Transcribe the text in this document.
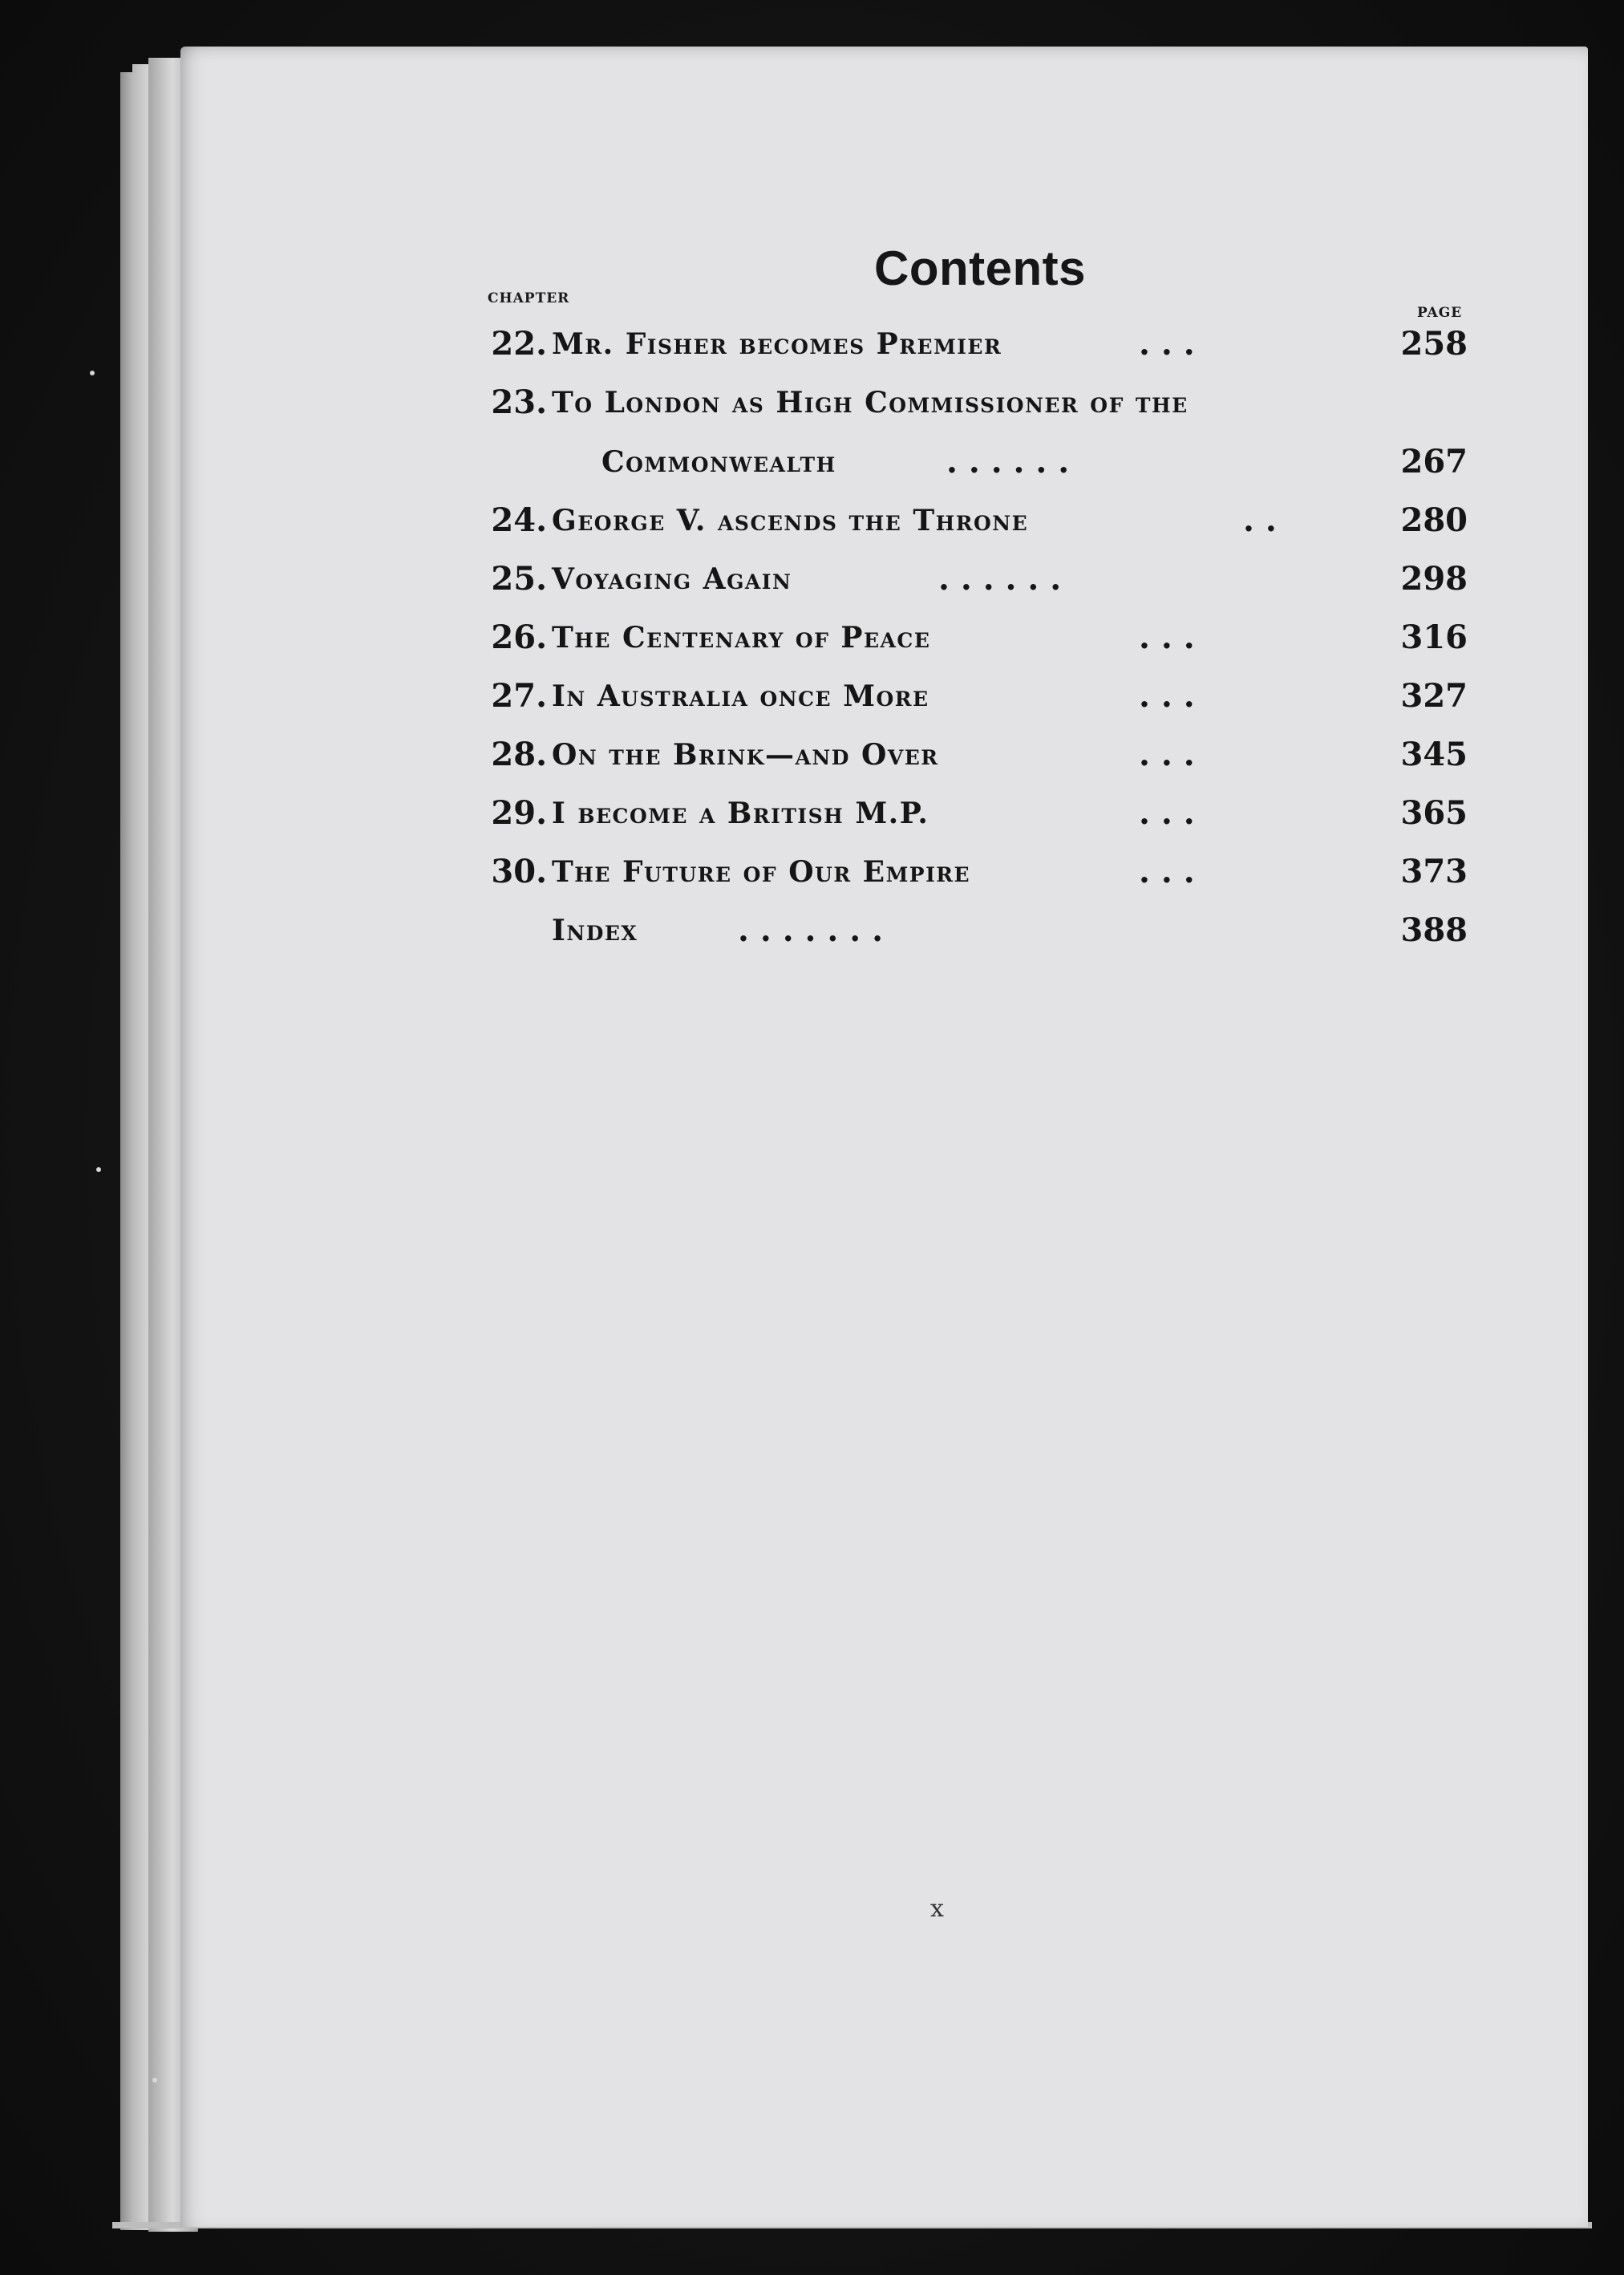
Contents
CHAPTER
PAGE
22. Mr. Fisher becomes Premier	. . .	258
23. To London as High Commissioner of the
Commonwealth	. . . . . .	267
24. George V. ascends the Throne	. .	280
25. Voyaging Again	. . . . . .	298
26. The Centenary of Peace	. . .	316
27. In Australia once More	. . .	327
28. On the Brink—and Over	. . .	345
29. I become a British M.P.	. . .	365
30. The Future of Our Empire	. . .	373
Index	. . . . . . .	388
x
